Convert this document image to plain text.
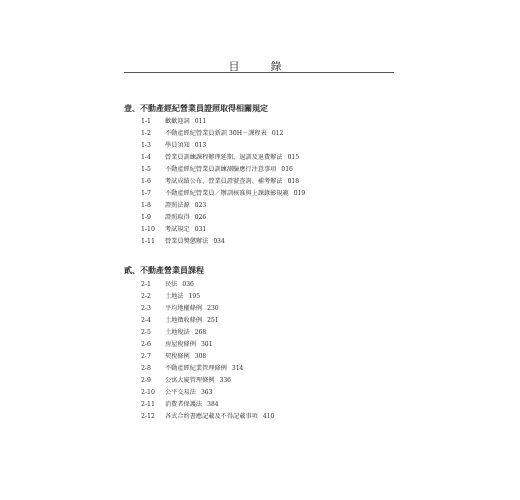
目　錄
壹、不動產經紀營業員證照取得相關規定
1-1	歡歡迎詞 011
1-2	不動產經紀營業員新訓 30H－課程表 012
1-3	學員須知 013
1-4	營業員訓練課程辦理延期、退訓及退費辦法 015
1-5	不動產經紀營業員訓練測驗應行注意事項 016
1-6	考試成績公布、營業員證號查詢、補考辦法 018
1-7	不動產經紀營業員／辦訓核准與上課錄影規範 019
1-8	證照法源 023
1-9	證照取得 026
1-10	考試規定 031
1-11	營業員獎懲辦法 034
貳、不動產營業員課程
2-1	民法 036
2-2	土地法 195
2-3	平均地權條例 230
2-4	土地徵收條例 251
2-5	土地稅法 268
2-6	房屋稅條例 301
2-7	契稅條例 308
2-8	不動產經紀業管理條例 314
2-9	公寓大廈管理條例 336
2-10	公平交易法 363
2-11	消費者保護法 384
2-12	各式合約書應記載及不得記載事項 410
